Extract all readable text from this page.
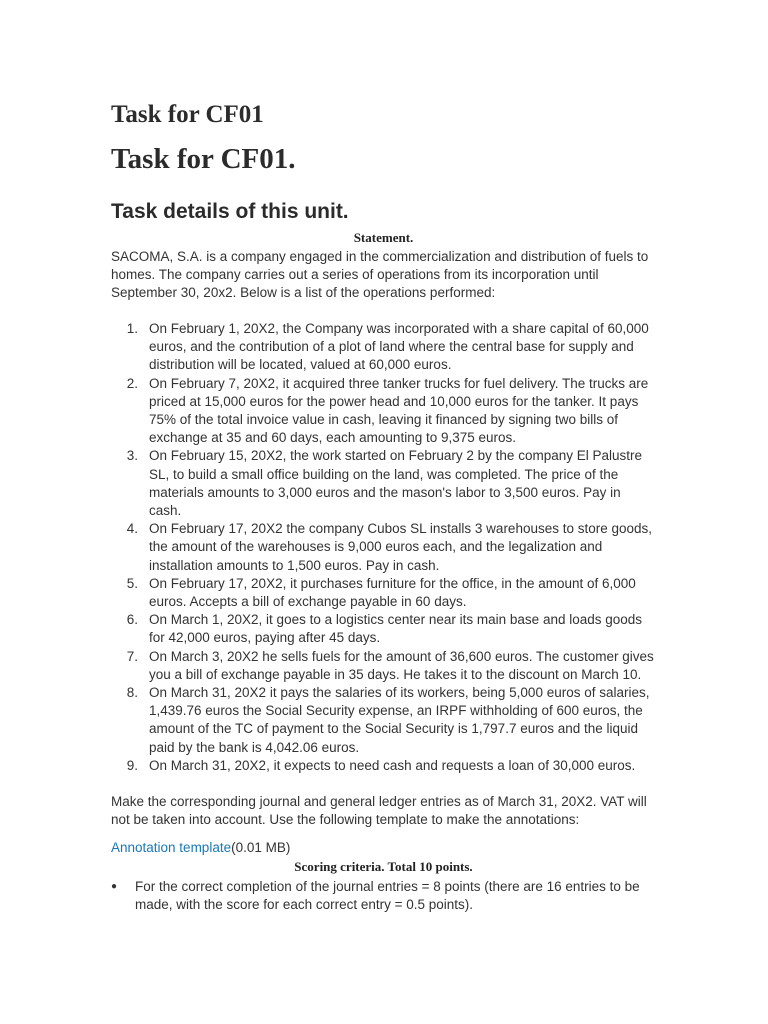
Task for CF01
Task for CF01.
Task details of this unit.

Statement.

SACOMA, S.A. is a company engaged in the commercialization and distribution of fuels to homes. The company carries out a series of operations from its incorporation until September 30, 20x2. Below is a list of the operations performed:

1. On February 1, 20X2, the Company was incorporated with a share capital of 60,000 euros, and the contribution of a plot of land where the central base for supply and distribution will be located, valued at 60,000 euros.
2. On February 7, 20X2, it acquired three tanker trucks for fuel delivery. The trucks are priced at 15,000 euros for the power head and 10,000 euros for the tanker. It pays 75% of the total invoice value in cash, leaving it financed by signing two bills of exchange at 35 and 60 days, each amounting to 9,375 euros.
3. On February 15, 20X2, the work started on February 2 by the company El Palustre SL, to build a small office building on the land, was completed. The price of the materials amounts to 3,000 euros and the mason's labor to 3,500 euros. Pay in cash.
4. On February 17, 20X2 the company Cubos SL installs 3 warehouses to store goods, the amount of the warehouses is 9,000 euros each, and the legalization and installation amounts to 1,500 euros. Pay in cash.
5. On February 17, 20X2, it purchases furniture for the office, in the amount of 6,000 euros. Accepts a bill of exchange payable in 60 days.
6. On March 1, 20X2, it goes to a logistics center near its main base and loads goods for 42,000 euros, paying after 45 days.
7. On March 3, 20X2 he sells fuels for the amount of 36,600 euros. The customer gives you a bill of exchange payable in 35 days. He takes it to the discount on March 10.
8. On March 31, 20X2 it pays the salaries of its workers, being 5,000 euros of salaries, 1,439.76 euros the Social Security expense, an IRPF withholding of 600 euros, the amount of the TC of payment to the Social Security is 1,797.7 euros and the liquid paid by the bank is 4,042.06 euros.
9. On March 31, 20X2, it expects to need cash and requests a loan of 30,000 euros.

Make the corresponding journal and general ledger entries as of March 31, 20X2. VAT will not be taken into account. Use the following template to make the annotations:

Annotation template(0.01 MB)

Scoring criteria. Total 10 points.

● For the correct completion of the journal entries = 8 points (there are 16 entries to be made, with the score for each correct entry = 0.5 points).
